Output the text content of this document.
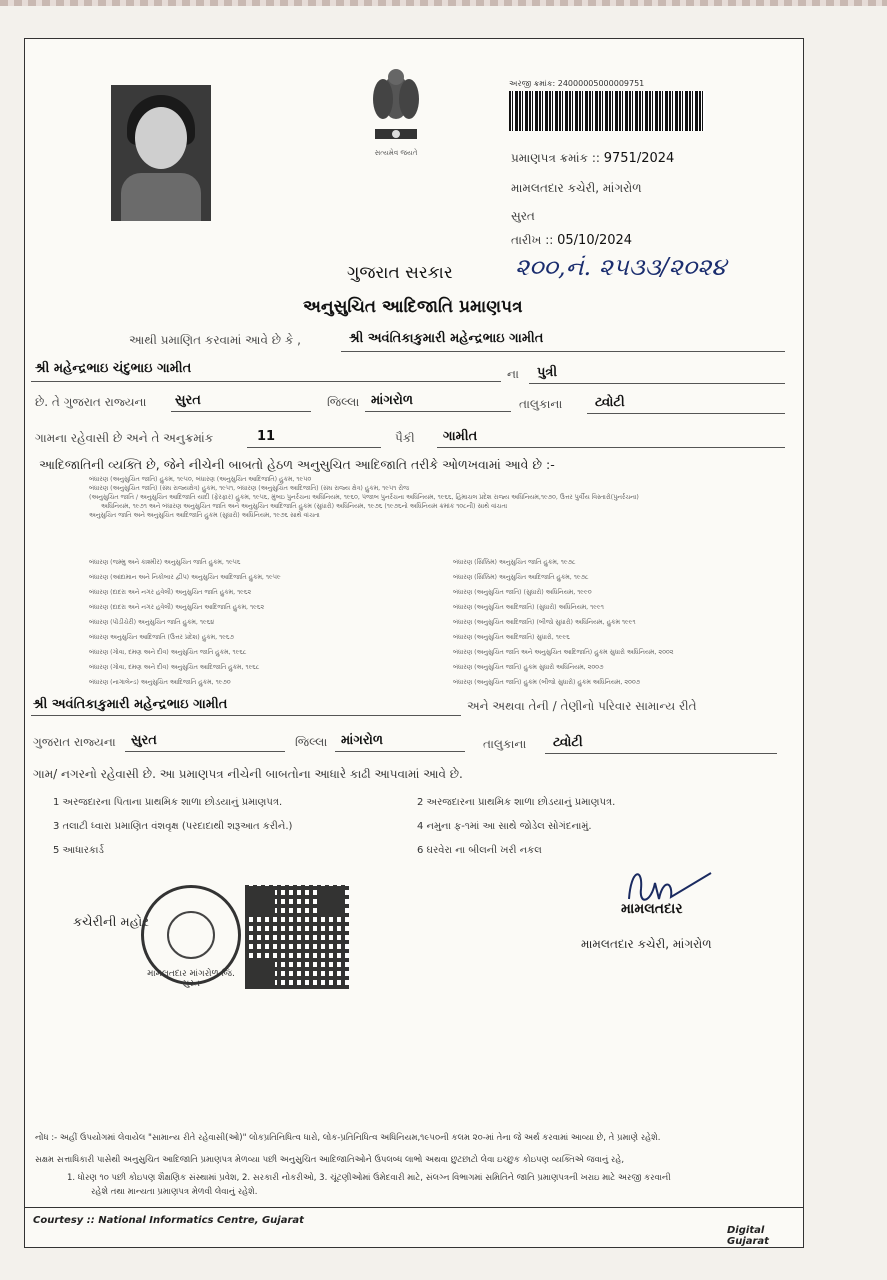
સત્યમેવ જયતે
અરજી ક્રમાંક: 24000005000009751
પ્રમાણપત્ર ક્રમાંક :: 9751/2024
મામલતદાર કચેરી, માંગરોળ
સુરત
તારીખ :: 05/10/2024
ગુજરાત સરકાર	૨૦૦,નં. ૨૫૩૩/૨૦૨૪
અનુસુચિત આદિજાતિ પ્રમાણપત્ર
આથી પ્રમાણિત કરવામાં આવે છે કે ,	શ્રી અવંતિકાકુમારી મહેન્દ્રભાઇ ગામીત
શ્રી મહેન્દ્રભાઇ ચંદુભાઇ ગામીત	ના પુત્રી
છે. તે ગુજરાત રાજ્યના સુરત	જિલ્લા માંગરોળ	તાલુકાના	ટ્વોટી
ગામના રહેવાસી છે અને તે અનુક્રમાંક	11	પૈકી ગામીત
આદિજાતિની વ્યક્તિ છે, જેને નીચેની બાબતો હેઠળ અનુસુચિત આદિજાતિ તરીકે ઓળખવામાં આવે છે :-
બંધારણ (અનુસુચિત જાતિ) હુકમ, ૧૯૫૦, બંધારણ (અનુસુચિત આદિજાતિ) હુકમ, ૧૯૫૦
બંધારણ (અનુસુચિત જાતિ) (સંઘ રાજ્યક્ષેત્ર) હુકમ, ૧૯૫૧, બંધારણ (અનુસુચિત આદિજાતિ) (સંઘ રાજ્ય ક્ષેત્ર) હુકમ, ૧૯૫૧ રોજ
(અનુસુચિત જાતિ / અનુસુચિત આદિજાતિ યાદી (ફેરફાર) હુકમ, ૧૯૫૬, મુંબઇ પુનર્રચના અધિનિયમ, ૧૯૬૦, પંજાબ પુનર્રચના અધિનિયમ, ૧૯૬૬, હિમાચલ પ્રદેશ રાજ્ય અધિનિયમ,૧૯૭૦, ઉત્તર પુર્વીય વિસ્તારો(પુનર્રચના)
અધિનિયમ, ૧૯૭૧ અને બંધારણ અનુસુચિત જાતિ અને અનુસુચિત આદિજાતિ હુકમ (સુધારો) અધિનિયમ, ૧૯૭૬ (૧૯૭૬નો અધિનિયમ ક્રમાંક ૧૦૮ની) સાથે વાંચતા
અનુસુચિત જાતિ અને અનુસુચિત આદિજાતિ હુકમ (સુધારો) અધિનિયમ, ૧૯૭૬ સાથે વાંચતા
બંધારણ (જમ્મુ અને કાશ્મીર) અનુસુચિત જાતિ હુકમ, ૧૯૫૬
બંધારણ (આંદામાન અને નિકોબાર દ્વીપ) અનુસુચિત આદિજાતિ હુકમ, ૧૯૫૯
બંધારણ (દાદરા અને નગર હવેલી) અનુસુચિત જાતિ હુકમ, ૧૯૬૨
બંધારણ (દાદરા અને નગર હવેલી) અનુસુચિત આદિજાતિ હુકમ, ૧૯૬૨
બંધારણ (પોંડીચેરી) અનુસુચિત જાતિ હુકમ, ૧૯૬૪
બંધારણ અનુસુચિત આદિજાતિ (ઉત્તર પ્રદેશ) હુકમ, ૧૯૬૭
બંધારણ (ગોવા, દમણ અને દીવ) અનુસુચિત જાતિ હુકમ, ૧૯૬૮
બંધારણ (ગોવા, દમણ અને દીવ) અનુસુચિત આદિજાતિ હુકમ, ૧૯૬૮
બંધારણ (નાગાલેન્ડ) અનુસુચિત આદિજાતિ હુકમ, ૧૯૭૦
બંધારણ (સિક્કિમ) અનુસુચિત જાતિ હુકમ, ૧૯૭૮
બંધારણ (સિક્કિમ) અનુસુચિત આદિજાતિ હુકમ, ૧૯૭૮
બંધારણ (અનુસુચિત જાતિ) (સુધારો) અધિનિયમ, ૧૯૯૦
બંધારણ (અનુસુચિત આદિજાતિ) (સુધારો) અધિનિયમ, ૧૯૯૧
બંધારણ (અનુસુચિત આદિજાતિ) (બીજો સુધારો) અધિનિયમ, હુકમ ૧૯૯૧
બંધારણ (અનુસુચિત આદિજાતિ) સુધારો, ૧૯૯૬
બંધારણ (અનુસુચિત જાતિ અને અનુસુચિત આદિજાતિ) હુકમ સુધારો અધિનિયમ, ૨૦૦૨
બંધારણ (અનુસુચિત જાતિ) હુકમ સુધારો અધિનિયમ, ૨૦૦૭
બંધારણ (અનુસુચિત જાતિ) હુકમ (બીજો સુધારો) હુકમ અધિનિયમ, ૨૦૦૭
શ્રી અવંતિકાકુમારી મહેન્દ્રભાઇ ગામીત	અને અથવા તેની / તેણીનો પરિવાર સામાન્ય રીતે
ગુજરાત રાજ્યના સુરત	જિલ્લા માંગરોળ	તાલુકાના ટ્વોટી
ગામ/ નગરનો રહેવાસી છે. આ પ્રમાણપત્ર નીચેની બાબતોના આધારે કાઢી આપવામાં આવે છે.
1 અરજદારના પિતાના પ્રાથમિક શાળા છોડયાનું પ્રમાણપત્ર.	2 અરજદારના પ્રાથમિક શાળા છોડયાનું પ્રમાણપત્ર.
3 તલાટી ધ્વારા પ્રમાણિત વંશવૃક્ષ (પરદાદાથી શરૂઆત કરીને.)	4 નમુના ફ-૧માં આ સાથે જોડેલ સોગંદનામું.
5 આધારકાર્ડ	6 ઘરવેરા ના બીલની ખરી નકલ
કચેરીની મહોર
મામલતદાર માંગરોળ જિ. સુરત
મામલતદાર
મામલતદાર કચેરી, માંગરોળ
નોંધ :- અહીં ઉપયોગમાં લેવાયેલ "સામાન્ય રીતે રહેવાસી(ઓ)" લોકપ્રતિનિધિત્વ ધારો, લોક-પ્રતિનિધિત્વ અધિનિયમ,૧૯૫૦ની કલમ ૨૦-માં તેના જે અર્થ કરવામાં આવ્યા છે, તે પ્રમાણે રહેશે.
સક્ષમ સત્તાધિકારી પાસેથી અનુસુચિત આદિજાતિ પ્રમાણપત્ર મેળવ્યા પછી અનુસુચિત આદિજાતિઓને ઉપલબ્ધ લાભો અથવા છુટછાટો લેવા ઇચ્છુક કોઇપણ વ્યક્તિએ જવાનું રહે,
1. ધોરણ ૧૦ પછી કોઇપણ શૈક્ષણિક સંસ્થામાં પ્રવેશ, 2. સરકારી નોકરીઓ, 3. ચૂંટણીઓમાં ઉમેદવારી માટે, સંલગ્ન વિભાગમાં સમિતિને જાતિ પ્રમાણપત્રની ખરાઇ માટે અરજી કરવાની
રહેશે તથા માન્યતા પ્રમાણપત્ર મેળવી લેવાનું રહેશે.
Courtesy :: National Informatics Centre, Gujarat
Digital Gujarat
